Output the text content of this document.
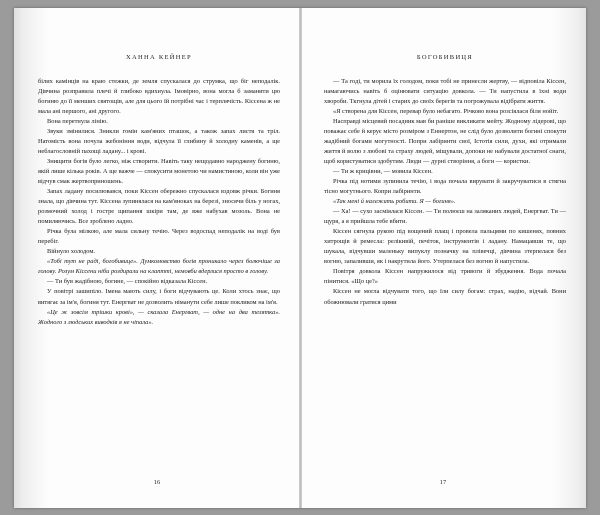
ХАННА КЕЙНЕР

білих камінців на краю стежки, де земля спускалася до струмка, що біг неподалік. Дівчина розправила плечі й глибоко вдихнула. Імовірно, вона могла б заманити цю богиню до її менших святощів, але для цього їй потрібні час і терплячість. Кіссена ж не мала ані першого, ані другого.

Вона перетнула лінію.

Звуки змінилися. Зникли гомін кам'яних пташок, а також запах листя та тріл. Натомість вона почула жебоніння води, відчула її глибину й холодну каменів, а ще неблагословній пахощі ладану... і крові.

Знищити богів було легко, ніж створити. Навіть таку нещодавно народжену богиню, якій лише кілька років. А ще важче — спокусити монетою чи намистиною, коли він уже відчув смак жертвоприношень.

Запах ладану посилювався, поки Кіссен обережно спускалася вздовж річки. Богиня знала, що дівчина тут. Кіссена зупинялася на кам'яноках на березі, зносячи біль у ногах, розмочний холод і гостре щипання шкіри там, де вже набухав мозоль. Вона не помиляючись. Все зроблено ладно.

Річка була мілкою, але мала сильну течію. Через водоспад неподалік на воді був перебіг.

Війнуло холодом.

«Тобі тут не раді, богобивице». Думкомовство богів проникало через болючіше за голову. Розум Кіссени ніби роздирали на клаптті, немовби вдерлися просто в голову.

— Ти був жадібною, богине, — спокійно відказала Кіссен.

У повітрі зашипіло. Імена мають силу, і боги відчувають це. Коли хтось знає, що витягає за ім'я, богиня тут. Енергват не дозволить німанути себе лише покликом на ім'я.

«Це ж зовсім трішки крові», — сказала Енергват, — одне на два телятка». Жодного з людських виводків я не чіпала».

16
БОГОБИВИЦЯ

— Та годі, ти морила їх голодом, поки тобі не принесли жертву, — відповіла Кіссен, намагаючись навіть б оцінювати ситуацію довкола. — Ти напустила в їхні води хвороби. Ткгнула дітей і старих до своїх берегів та погрожувала відібрати життя.

«Я створена для Кіссен, перевар було небагато. Річково вона розсіялася біля нойіт.

Насправді місцевий посадник мав би раніше викликати мейту. Жодному лідерові, що поважає себе й керує місто розміром з Еннертон, не слід було дозволити богині спокути жадібний богами могутності. Попри лабіринти свої, Істотія сили, духи, які отримали життя й волю з любові та страху людей, міщували, допоки не набували достатної снаги, щоб користуватися здобутим. Люди — дурні створіння, а боги — користки.

— Ти ж крицівни, — мовила Кіссен.

Річка під нотими зупинила течію, і вода почала вирувати й закручуватися в стягна тісно могутнього. Копри лабіринти.

«Так мені й належить робити. Я — богиня».

— Ха! — сухо засміялася Кіссен. — Ти полюєш на заляканих людей, Енергват. Ти — щуря, а я прийшла тебе вбити.

Кіссен сягнула рукою під вощений плащ і провела пальцями по кишенях, повних хитрощів й ремесла: релікивій, печіток, інструментів і ладану. Намацавши те, що шукала, відчувши маленьку випуклу позначку на плівечці, дівчина зтерпелася без вогню, запаливши, як і накрутила його. Утерпелася без вогню й напустила.

Повітря довкола Кіссен напружилося від тривоги й збудження. Вода почала пінитися. «Що це?»

Кіссен не могла відчувати того, що їли силу богам: страх, надію, відчай. Вони обожнювали гратися цими

17
